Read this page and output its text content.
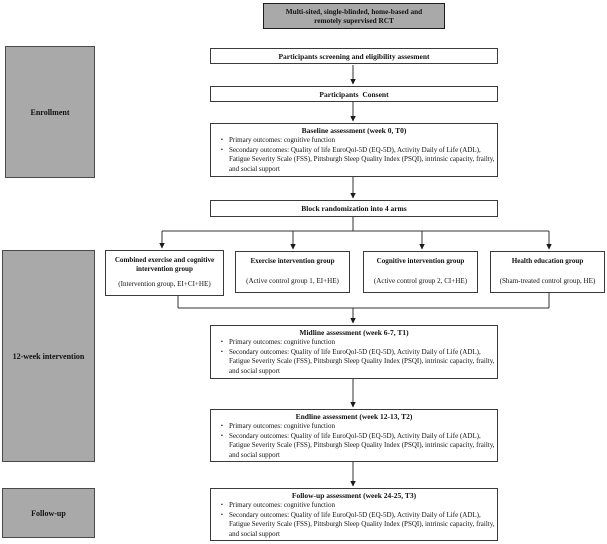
Multi-sited, single-blinded, home-based and remotely supervised RCT
Enrollment
12-week intervention
Follow-up
Participants screening and eligibility assesment
Participants  Consent
Baseline assessment (week 0, T0)
▪ Primary outcomes: cognitive function
▪ Secondary outcomes: Quality of life EuroQol-5D (EQ-5D), Activity Daily of Life (ADL), Fatigue Severity Scale (FSS), Pittsburgh Sleep Quality Index (PSQI), intrinsic capacity, frailty, and social support
Block randomization into 4 arms
Combined exercise and cognitive intervention group
(Intervention group, EI+CI+HE)
Exercise intervention group
(Active control group 1, EI+HE)
Cognitive intervention group
(Active control group 2, CI+HE)
Health education group
(Sham-treated control group, HE)
Midline assessment (week 6-7, T1)
▪ Primary outcomes: cognitive function
▪ Secondary outcomes: Quality of life EuroQol-5D (EQ-5D), Activity Daily of Life (ADL), Fatigue Severity Scale (FSS), Pittsburgh Sleep Quality Index (PSQI), intrinsic capacity, frailty, and social support
Endline assessment (week 12-13, T2)
▪ Primary outcomes: cognitive function
▪ Secondary outcomes: Quality of life EuroQol-5D (EQ-5D), Activity Daily of Life (ADL), Fatigue Severity Scale (FSS), Pittsburgh Sleep Quality Index (PSQI), intrinsic capacity, frailty, and social support
Follow-up assessment (week 24-25, T3)
▪ Primary outcomes: cognitive function
▪ Secondary outcomes: Quality of life EuroQol-5D (EQ-5D), Activity Daily of Life (ADL), Fatigue Severity Scale (FSS), Pittsburgh Sleep Quality Index (PSQI), intrinsic capacity, frailty, and social support
